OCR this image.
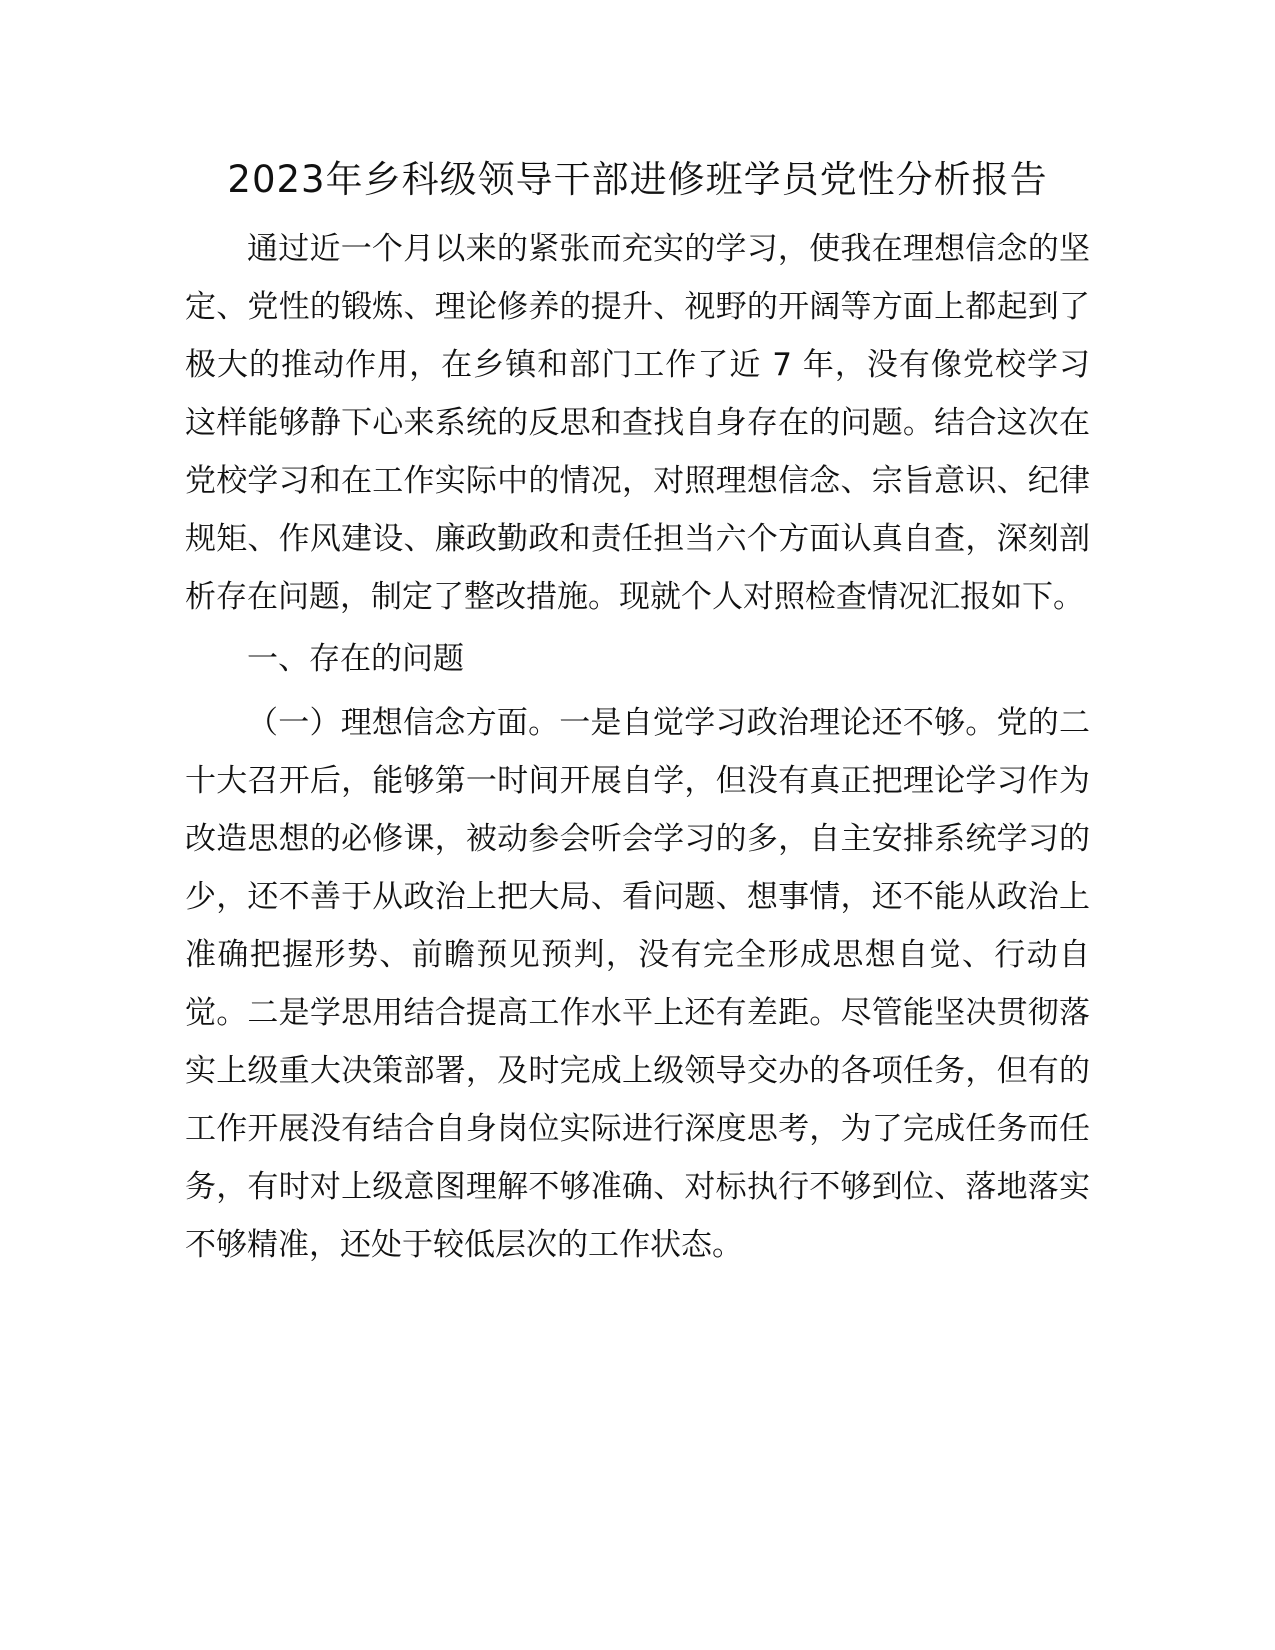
2023年乡科级领导干部进修班学员党性分析报告

通过近一个月以来的紧张而充实的学习，使我在理想信念的坚定、党性的锻炼、理论修养的提升、视野的开阔等方面上都起到了极大的推动作用，在乡镇和部门工作了近 7 年，没有像党校学习这样能够静下心来系统的反思和查找自身存在的问题。结合这次在党校学习和在工作实际中的情况，对照理想信念、宗旨意识、纪律规矩、作风建设、廉政勤政和责任担当六个方面认真自查，深刻剖析存在问题，制定了整改措施。现就个人对照检查情况汇报如下。

一、存在的问题

（一）理想信念方面。一是自觉学习政治理论还不够。党的二十大召开后，能够第一时间开展自学，但没有真正把理论学习作为改造思想的必修课，被动参会听会学习的多，自主安排系统学习的少，还不善于从政治上把大局、看问题、想事情，还不能从政治上准确把握形势、前瞻预见预判，没有完全形成思想自觉、行动自觉。二是学思用结合提高工作水平上还有差距。尽管能坚决贯彻落实上级重大决策部署，及时完成上级领导交办的各项任务，但有的工作开展没有结合自身岗位实际进行深度思考，为了完成任务而任务，有时对上级意图理解不够准确、对标执行不够到位、落地落实不够精准，还处于较低层次的工作状态。
